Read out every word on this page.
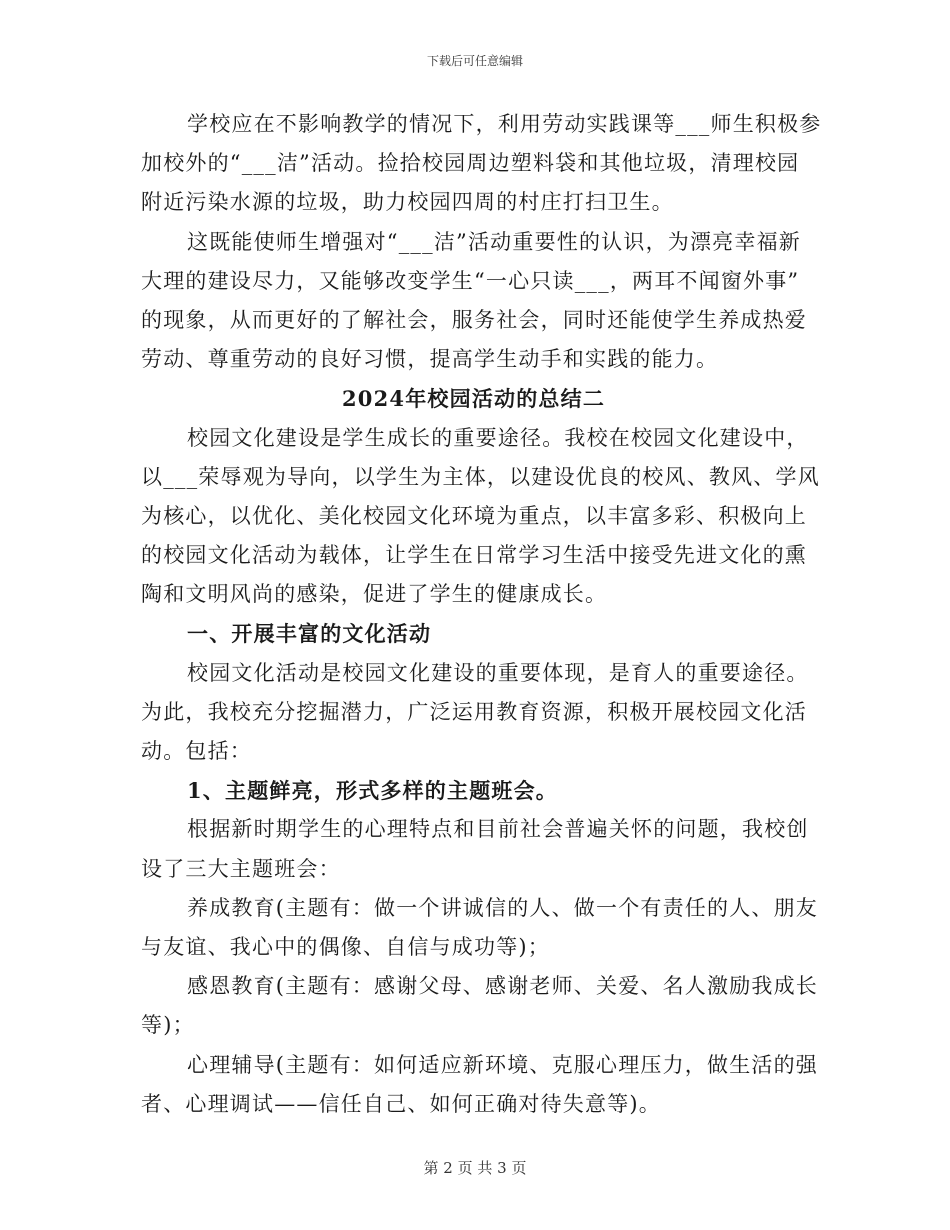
下载后可任意编辑
学校应在不影响教学的情况下，利用劳动实践课等___师生积极参
加校外的“___洁”活动。捡拾校园周边塑料袋和其他垃圾，清理校园
附近污染水源的垃圾，助力校园四周的村庄打扫卫生。
这既能使师生增强对“___洁”活动重要性的认识，为漂亮幸福新
大理的建设尽力，又能够改变学生“一心只读___，两耳不闻窗外事”
的现象，从而更好的了解社会，服务社会，同时还能使学生养成热爱
劳动、尊重劳动的良好习惯，提高学生动手和实践的能力。
2024年校园活动的总结二
校园文化建设是学生成长的重要途径。我校在校园文化建设中，
以___荣辱观为导向，以学生为主体，以建设优良的校风、教风、学风
为核心，以优化、美化校园文化环境为重点，以丰富多彩、积极向上
的校园文化活动为载体，让学生在日常学习生活中接受先进文化的熏
陶和文明风尚的感染，促进了学生的健康成长。
一、开展丰富的文化活动
校园文化活动是校园文化建设的重要体现，是育人的重要途径。
为此，我校充分挖掘潜力，广泛运用教育资源，积极开展校园文化活
动。包括：
1、主题鲜亮，形式多样的主题班会。
根据新时期学生的心理特点和目前社会普遍关怀的问题，我校创
设了三大主题班会：
养成教育(主题有：做一个讲诚信的人、做一个有责任的人、朋友
与友谊、我心中的偶像、自信与成功等)；
感恩教育(主题有：感谢父母、感谢老师、关爱、名人激励我成长
等)；
心理辅导(主题有：如何适应新环境、克服心理压力，做生活的强
者、心理调试——信任自己、如何正确对待失意等)。
第 2 页 共 3 页
